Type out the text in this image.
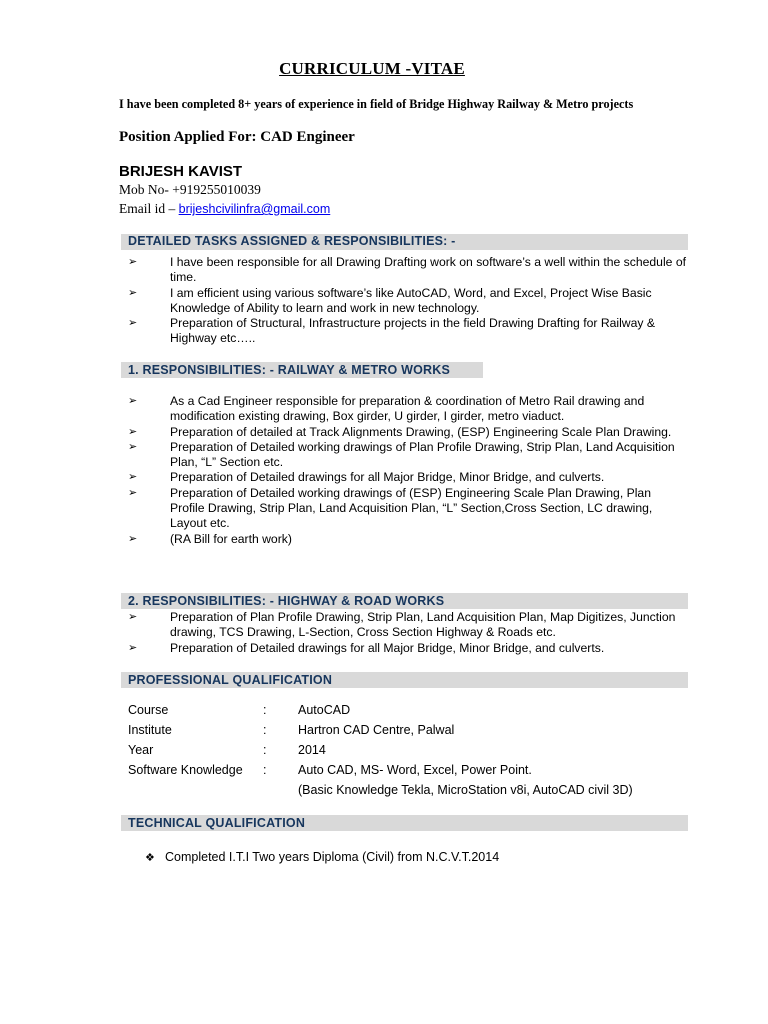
CURRICULUM -VITAE
I have been completed 8+ years of experience in field of Bridge Highway Railway & Metro projects
Position Applied For: CAD Engineer
BRIJESH KAVIST
Mob No- +919255010039
Email id – brijeshcivilinfra@gmail.com
DETAILED TASKS ASSIGNED & RESPONSIBILITIES: -
➢	I have been responsible for all Drawing Drafting work on software’s a well within the schedule of time.
➢	I am efficient using various software’s like AutoCAD, Word, and Excel, Project Wise Basic Knowledge of Ability to learn and work in new technology.
➢	Preparation of Structural, Infrastructure projects in the field Drawing Drafting for Railway & Highway etc…..
1. RESPONSIBILITIES: - RAILWAY & METRO WORKS
➢	As a Cad Engineer responsible for preparation & coordination of Metro Rail drawing and modification existing drawing, Box girder, U girder, I girder, metro viaduct.
➢	Preparation of detailed at Track Alignments Drawing, (ESP) Engineering Scale Plan Drawing.
➢	Preparation of Detailed working drawings of Plan Profile Drawing, Strip Plan, Land Acquisition Plan, “L” Section etc.
➢	Preparation of Detailed drawings for all Major Bridge, Minor Bridge, and culverts.
➢	Preparation of Detailed working drawings of (ESP) Engineering Scale Plan Drawing, Plan Profile Drawing, Strip Plan, Land Acquisition Plan, “L” Section,Cross Section, LC drawing, Layout etc.
➢	(RA Bill for earth work)
2. RESPONSIBILITIES: - HIGHWAY & ROAD WORKS
➢	Preparation of Plan Profile Drawing, Strip Plan, Land Acquisition Plan, Map Digitizes, Junction drawing, TCS Drawing, L-Section, Cross Section Highway & Roads etc.
➢	Preparation of Detailed drawings for all Major Bridge, Minor Bridge, and culverts.
PROFESSIONAL QUALIFICATION
Course	:	AutoCAD
Institute	:	Hartron CAD Centre, Palwal
Year	:	2014
Software Knowledge :	Auto CAD, MS- Word, Excel, Power Point.
(Basic Knowledge Tekla, MicroStation v8i, AutoCAD civil 3D)
TECHNICAL QUALIFICATION
❖ Completed I.T.I Two years Diploma (Civil) from N.C.V.T.2014
